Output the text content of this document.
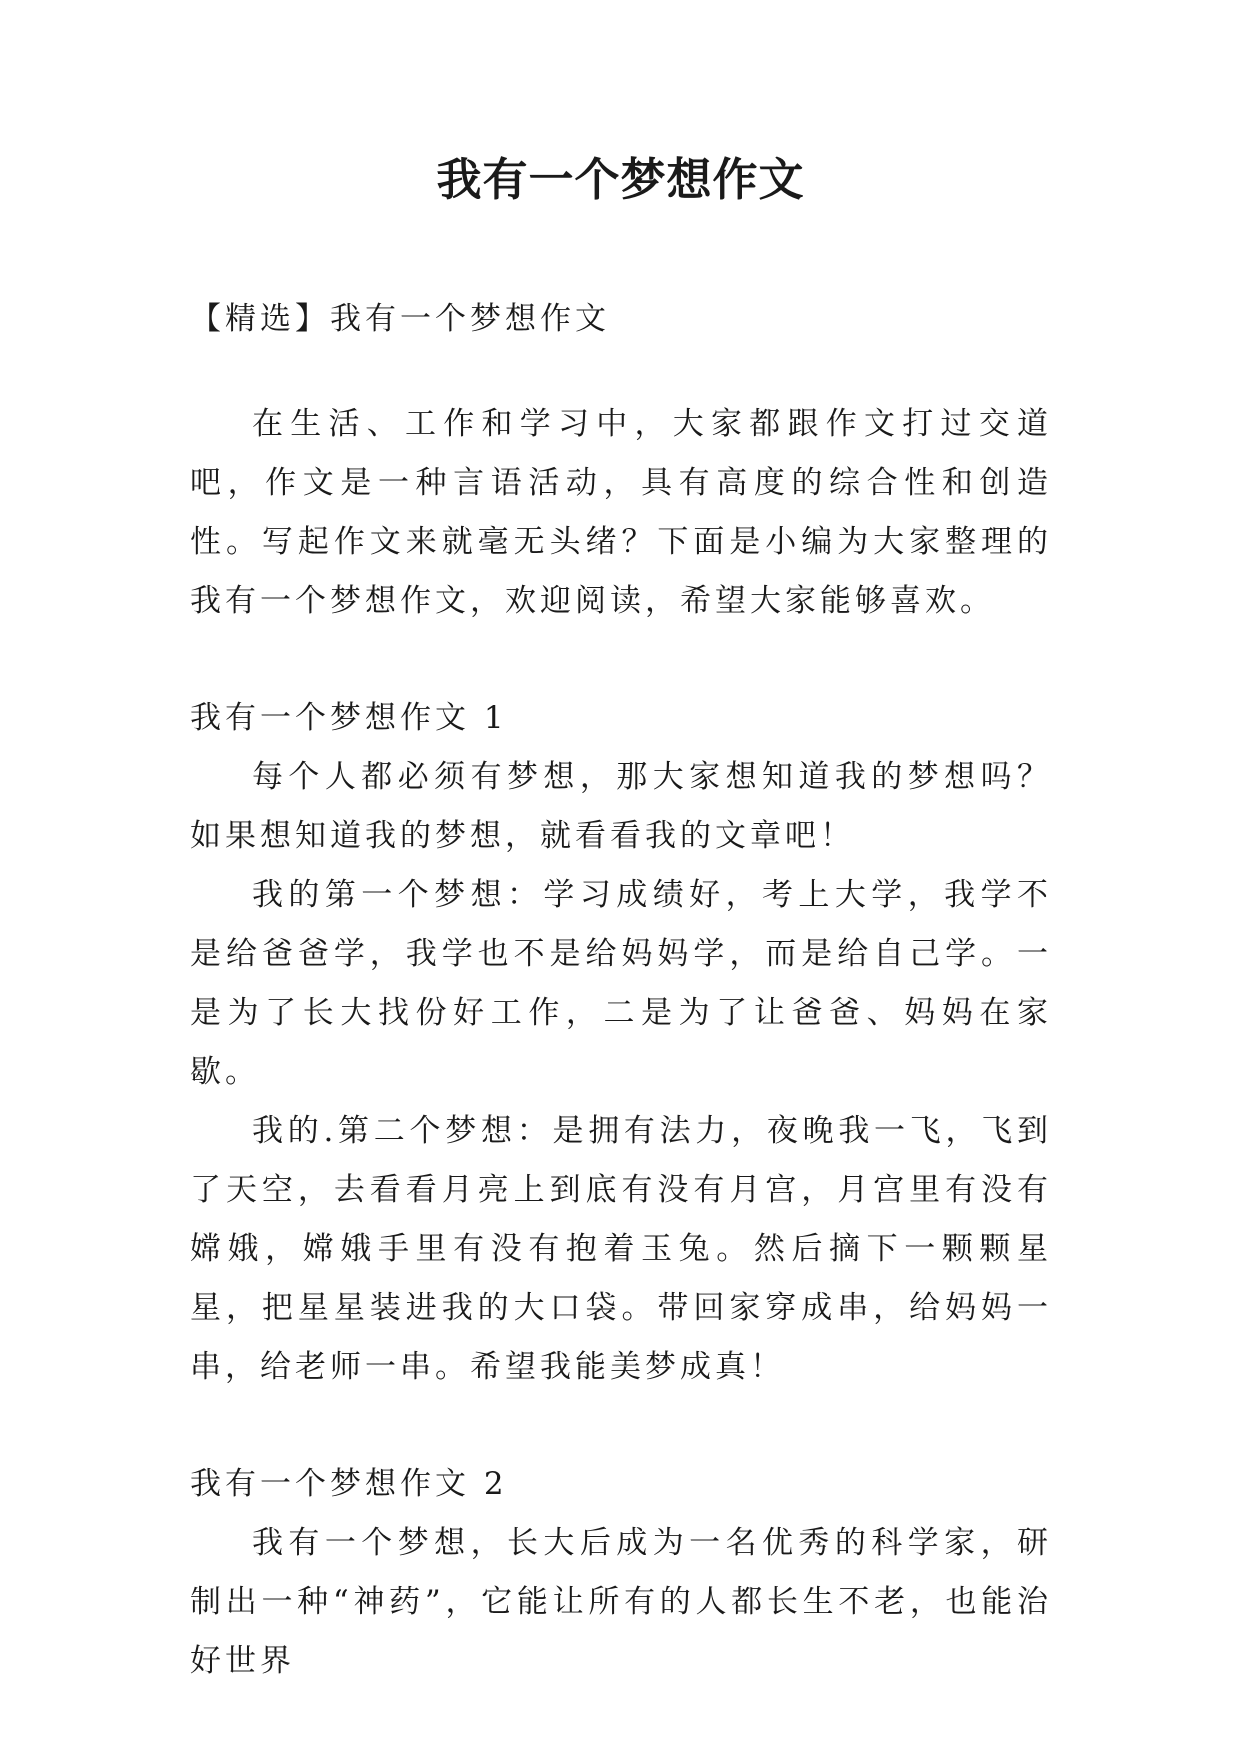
我有一个梦想作文

【精选】我有一个梦想作文

在生活、工作和学习中，大家都跟作文打过交道吧，作文是一种言语活动，具有高度的综合性和创造性。写起作文来就毫无头绪？下面是小编为大家整理的我有一个梦想作文，欢迎阅读，希望大家能够喜欢。

我有一个梦想作文 1

每个人都必须有梦想，那大家想知道我的梦想吗？如果想知道我的梦想，就看看我的文章吧！

我的第一个梦想：学习成绩好，考上大学，我学不是给爸爸学，我学也不是给妈妈学，而是给自己学。一是为了长大找份好工作，二是为了让爸爸、妈妈在家歇。

我的.第二个梦想：是拥有法力，夜晚我一飞，飞到了天空，去看看月亮上到底有没有月宫，月宫里有没有嫦娥，嫦娥手里有没有抱着玉兔。然后摘下一颗颗星星，把星星装进我的大口袋。带回家穿成串，给妈妈一串，给老师一串。希望我能美梦成真！

我有一个梦想作文 2

我有一个梦想，长大后成为一名优秀的科学家，研制出一种“神药”，它能让所有的人都长生不老，也能治好世界
